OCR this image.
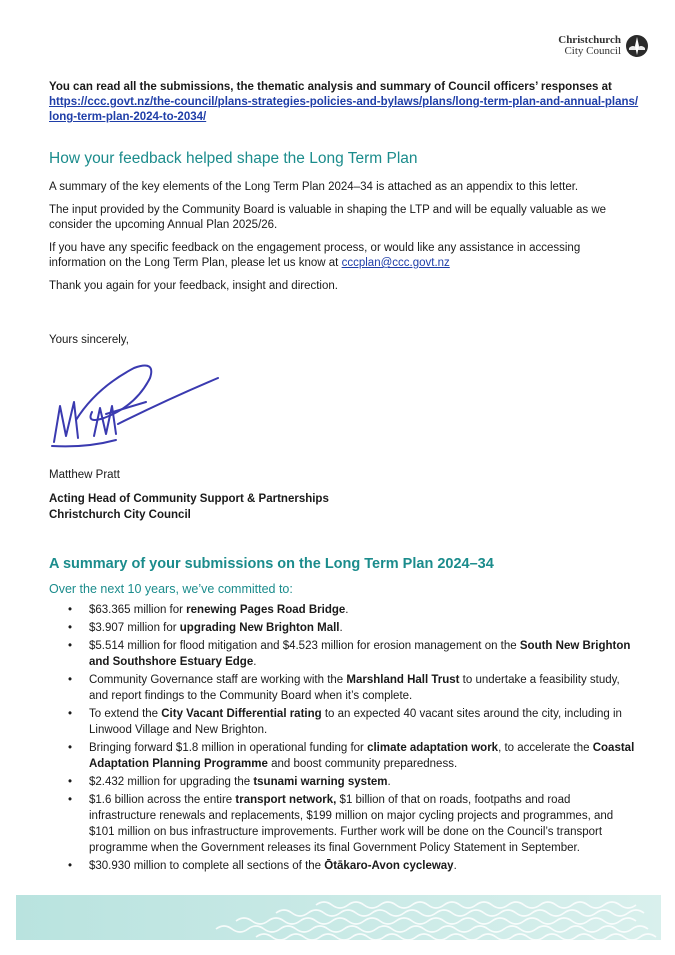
Christchurch
City Council
You can read all the submissions, the thematic analysis and summary of Council officers’ responses at
https://ccc.govt.nz/the-council/plans-strategies-policies-and-bylaws/plans/long-term-plan-and-annual-plans/long-term-plan-2024-to-2034/
How your feedback helped shape the Long Term Plan

A summary of the key elements of the Long Term Plan 2024–34 is attached as an appendix to this letter.

The input provided by the Community Board is valuable in shaping the LTP and will be equally valuable as we consider the upcoming Annual Plan 2025/26.

If you have any specific feedback on the engagement process, or would like any assistance in accessing information on the Long Term Plan, please let us know at cccplan@ccc.govt.nz

Thank you again for your feedback, insight and direction.

Yours sincerely,
Matthew Pratt
Acting Head of Community Support & Partnerships
Christchurch City Council
A summary of your submissions on the Long Term Plan 2024–34
Over the next 10 years, we’ve committed to:
• $63.365 million for renewing Pages Road Bridge.
• $3.907 million for upgrading New Brighton Mall.
• $5.514 million for flood mitigation and $4.523 million for erosion management on the South New Brighton and Southshore Estuary Edge.
• Community Governance staff are working with the Marshland Hall Trust to undertake a feasibility study, and report findings to the Community Board when it’s complete.
• To extend the City Vacant Differential rating to an expected 40 vacant sites around the city, including in Linwood Village and New Brighton.
• Bringing forward $1.8 million in operational funding for climate adaptation work, to accelerate the Coastal Adaptation Planning Programme and boost community preparedness.
• $2.432 million for upgrading the tsunami warning system.
• $1.6 billion across the entire transport network, $1 billion of that on roads, footpaths and road infrastructure renewals and replacements, $199 million on major cycling projects and programmes, and $101 million on bus infrastructure improvements. Further work will be done on the Council’s transport programme when the Government releases its final Government Policy Statement in September.
• $30.930 million to complete all sections of the Ōtākaro-Avon cycleway.
